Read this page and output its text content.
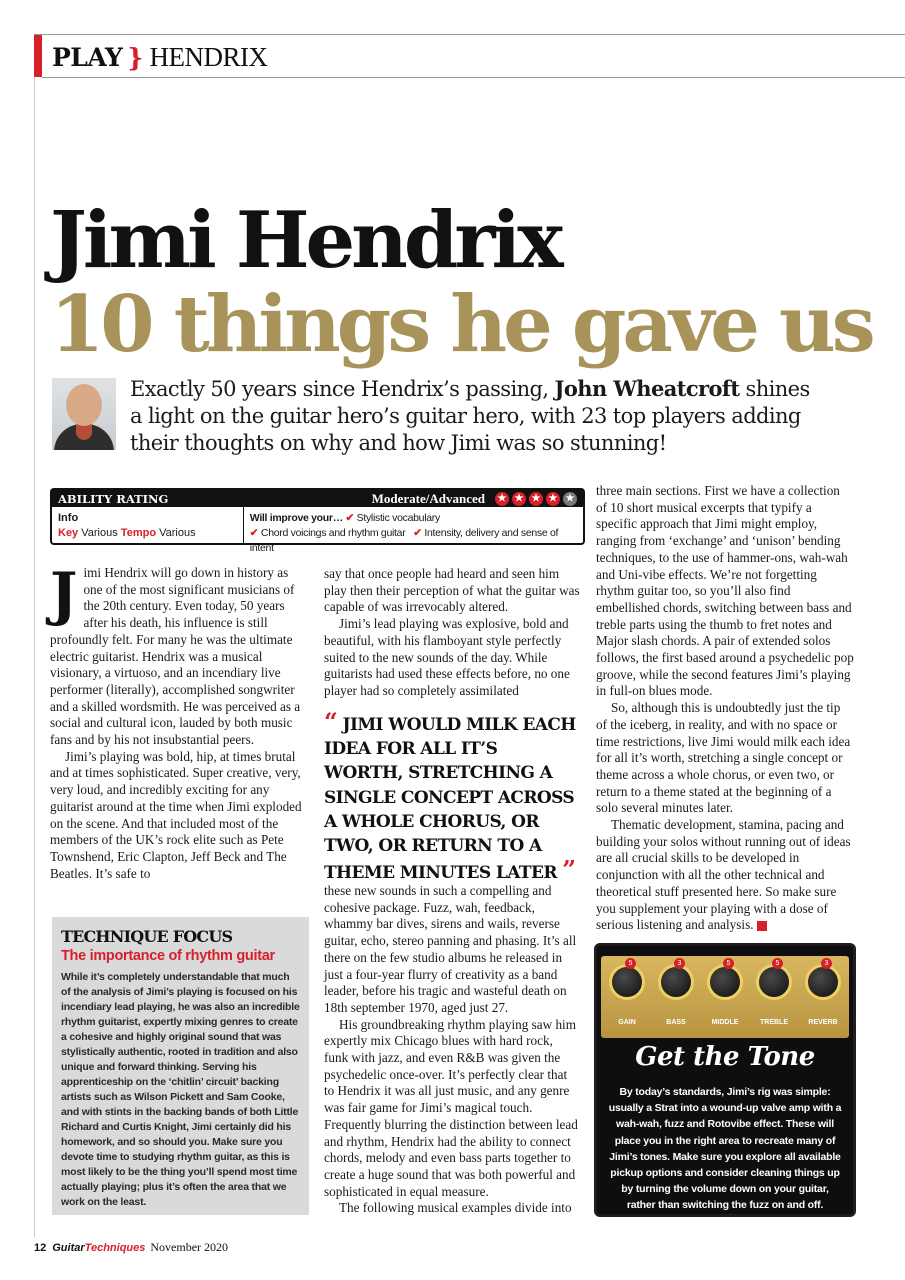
PLAY } HENDRIX
Jimi Hendrix
10 things he gave us
Exactly 50 years since Hendrix’s passing, John Wheatcroft shines a light on the guitar hero’s guitar hero, with 23 top players adding their thoughts on why and how Jimi was so stunning!
ABILITY RATING	Moderate/Advanced ★ ★ ★ ★ ★
Info
Key Various Tempo Various
Will improve your… ✔ Stylistic vocabulary
✔ Chord voicings and rhythm guitar ✔ Intensity, delivery and sense of intent
J imi Hendrix will go down in history as one of the most significant musicians of the 20th century. Even today, 50 years after his death, his influence is still profoundly felt. For many he was the ultimate electric guitarist. Hendrix was a musical visionary, a virtuoso, and an incendiary live performer (literally), accomplished songwriter and a skilled wordsmith. He was perceived as a social and cultural icon, lauded by both music fans and by his not insubstantial peers.

Jimi’s playing was bold, hip, at times brutal and at times sophisticated. Super creative, very, very loud, and incredibly exciting for any guitarist around at the time when Jimi exploded on the scene. And that included most of the members of the UK’s rock elite such as Pete Townshend, Eric Clapton, Jeff Beck and The Beatles. It’s safe to

TECHNIQUE FOCUS
The importance of rhythm guitar

While it’s completely understandable that much of the analysis of Jimi’s playing is focused on his incendiary lead playing, he was also an incredible rhythm guitarist, expertly mixing genres to create a cohesive and highly original sound that was stylistically authentic, rooted in tradition and also unique and forward thinking. Serving his apprenticeship on the ‘chitlin’ circuit’ backing artists such as Wilson Pickett and Sam Cooke, and with stints in the backing bands of both Little Richard and Curtis Knight, Jimi certainly did his homework, and so should you. Make sure you devote time to studying rhythm guitar, as this is most likely to be the thing you’ll spend most time actually playing; plus it’s often the area that we work on the least.

say that once people had heard and seen him play then their perception of what the guitar was capable of was irrevocably altered.

Jimi’s lead playing was explosive, bold and beautiful, with his flamboyant style perfectly suited to the new sounds of the day. While guitarists had used these effects before, no one player had so completely assimilated

“ JIMI WOULD MILK EACH IDEA FOR ALL IT’S WORTH, STRETCHING A SINGLE CONCEPT ACROSS A WHOLE CHORUS, OR TWO, OR RETURN TO A THEME MINUTES LATER ”

these new sounds in such a compelling and cohesive package. Fuzz, wah, feedback, whammy bar dives, sirens and wails, reverse guitar, echo, stereo panning and phasing. It’s all there on the few studio albums he released in just a four-year flurry of creativity as a band leader, before his tragic and wasteful death on 18th september 1970, aged just 27.

His groundbreaking rhythm playing saw him expertly mix Chicago blues with hard rock, funk with jazz, and even R&B was given the psychedelic once-over. It’s perfectly clear that to Hendrix it was all just music, and any genre was fair game for Jimi’s magical touch. Frequently blurring the distinction between lead and rhythm, Hendrix had the ability to connect chords, melody and even bass parts together to create a huge sound that was both powerful and sophisticated in equal measure.

The following musical examples divide into

three main sections. First we have a collection of 10 short musical excerpts that typify a specific approach that Jimi might employ, ranging from ‘exchange’ and ‘unison’ bending techniques, to the use of hammer-ons, wah-wah and Uni-vibe effects. We’re not forgetting rhythm guitar too, so you’ll also find embellished chords, switching between bass and treble parts using the thumb to fret notes and Major slash chords. A pair of extended solos follows, the first based around a psychedelic pop groove, while the second features Jimi’s playing in full-on blues mode.

So, although this is undoubtedly just the tip of the iceberg, in reality, and with no space or time restrictions, live Jimi would milk each idea for all it’s worth, stretching a single concept or theme across a whole chorus, or even two, or return to a theme stated at the beginning of a solo several minutes later.

Thematic development, stamina, pacing and building your solos without running out of ideas are all crucial skills to be developed in conjunction with all the other technical and theoretical stuff presented here. So make sure you supplement your playing with a dose of serious listening and analysis.

5
GAIN
3
BASS
5
MIDDLE
5
TREBLE
3
REVERB
Get the Tone
By today’s standards, Jimi’s rig was simple: usually a Strat into a wound-up valve amp with a wah-wah, fuzz and Rotovibe effect. These will place you in the right area to recreate many of Jimi’s tones. Make sure you explore all available pickup options and consider cleaning things up by turning the volume down on your guitar, rather than switching the fuzz on and off.
12 Guitar Techniques November 2020
